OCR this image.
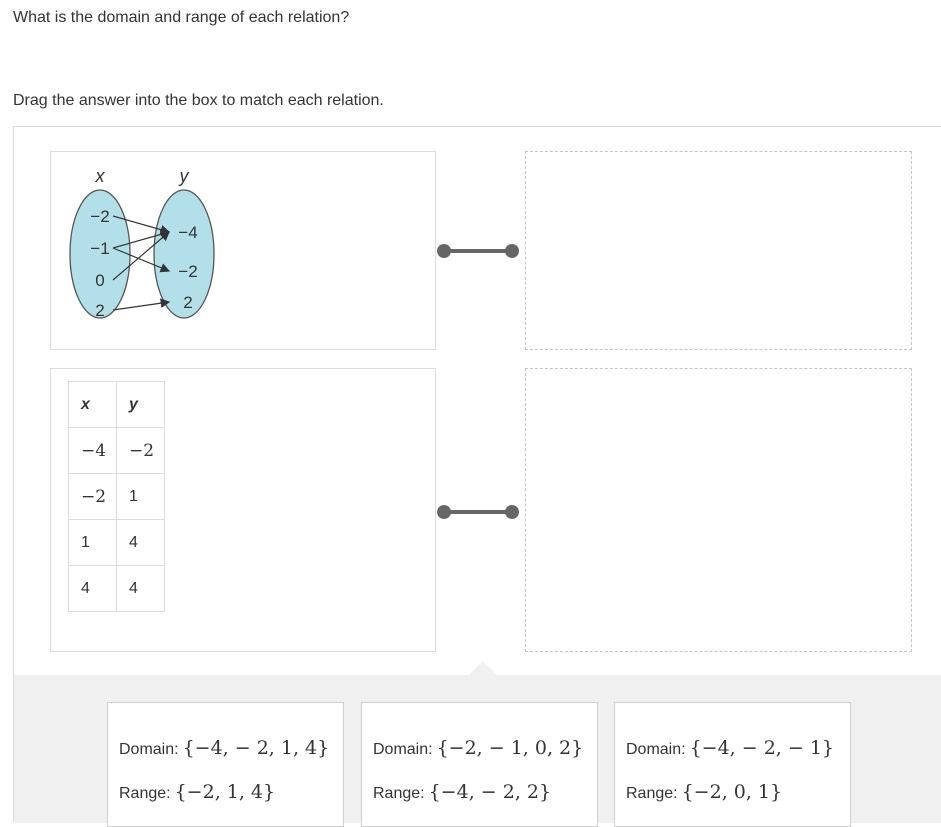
What is the domain and range of each relation?
Drag the answer into the box to match each relation.
x	y
−2
−1
0
2
−4
−2
2
x	y
−4	−2
−2	1
1	4
4	4
Domain: {−4, − 2, 1, 4}
Range: {−2, 1, 4}
Domain: {−2, − 1, 0, 2}
Range: {−4, − 2, 2}
Domain: {−4, − 2, − 1}
Range: {−2, 0, 1}
